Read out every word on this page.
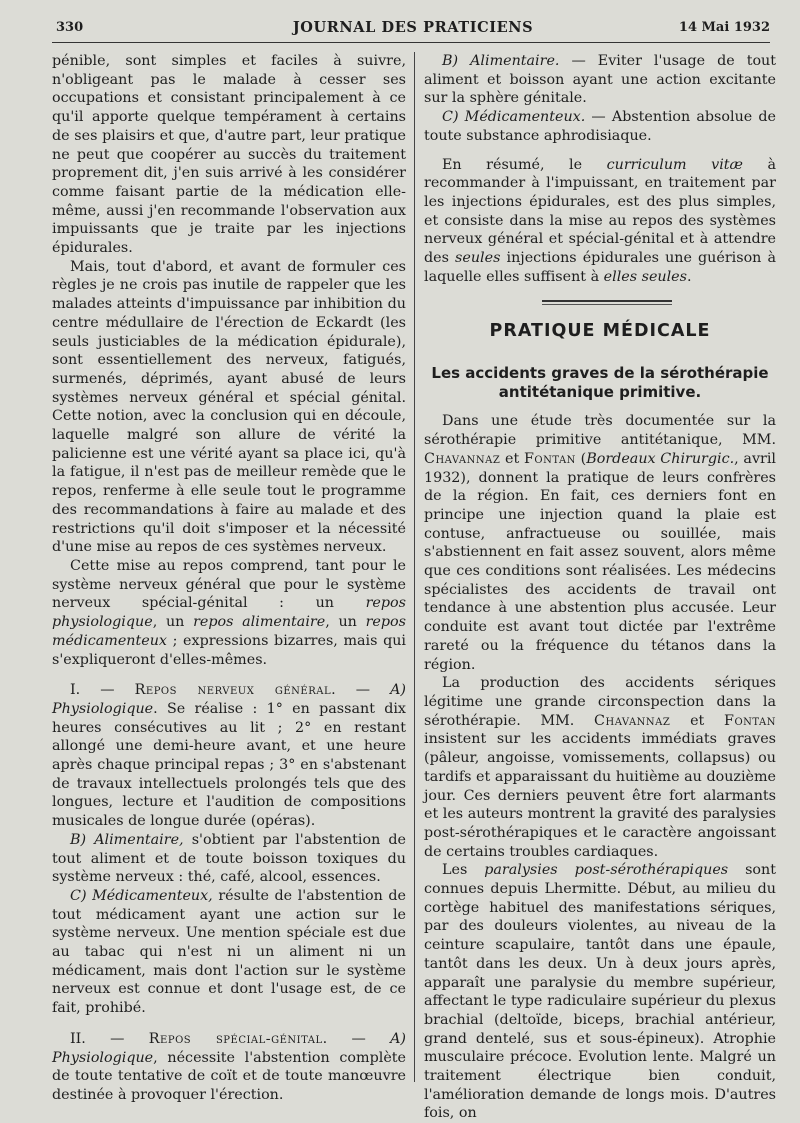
330	JOURNAL DES PRATICIENS	14 Mai 1932

pénible, sont simples et faciles à suivre, n'obligeant pas le malade à cesser ses occupations et consistant principalement à ce qu'il apporte quelque tempérament à certains de ses plaisirs et que, d'autre part, leur pratique ne peut que coopérer au succès du traitement proprement dit, j'en suis arrivé à les considérer comme faisant partie de la médication elle-même, aussi j'en recommande l'observation aux impuissants que je traite par les injections épidurales.

Mais, tout d'abord, et avant de formuler ces règles je ne crois pas inutile de rappeler que les malades atteints d'impuissance par inhibition du centre médullaire de l'érection de Eckardt (les seuls justiciables de la médication épidurale), sont essentiellement des nerveux, fatigués, surmenés, déprimés, ayant abusé de leurs systèmes nerveux général et spécial génital. Cette notion, avec la conclusion qui en découle, laquelle malgré son allure de vérité la palicienne est une vérité ayant sa place ici, qu'à la fatigue, il n'est pas de meilleur remède que le repos, renferme à elle seule tout le programme des recommandations à faire au malade et des restrictions qu'il doit s'imposer et la nécessité d'une mise au repos de ces systèmes nerveux.

Cette mise au repos comprend, tant pour le système nerveux général que pour le système nerveux spécial-génital : un repos physiologique, un repos alimentaire, un repos médicamenteux ; expressions bizarres, mais qui s'expliqueront d'elles-mêmes.

I. — Repos nerveux général. — A) Physiologique. Se réalise : 1° en passant dix heures consécutives au lit ; 2° en restant allongé une demi-heure avant, et une heure après chaque principal repas ; 3° en s'abstenant de travaux intellectuels prolongés tels que des longues, lecture et l'audition de compositions musicales de longue durée (opéras).

B) Alimentaire, s'obtient par l'abstention de tout aliment et de toute boisson toxiques du système nerveux : thé, café, alcool, essences.

C) Médicamenteux, résulte de l'abstention de tout médicament ayant une action sur le système nerveux. Une mention spéciale est due au tabac qui n'est ni un aliment ni un médicament, mais dont l'action sur le système nerveux est connue et dont l'usage est, de ce fait, prohibé.

II. — Repos spécial-génital. — A) Physiologique, nécessite l'abstention complète de toute tentative de coït et de toute manœuvre destinée à provoquer l'érection.

B) Alimentaire. — Eviter l'usage de tout aliment et boisson ayant une action excitante sur la sphère génitale.

C) Médicamenteux. — Abstention absolue de toute substance aphrodisiaque.

En résumé, le curriculum vitæ à recommander à l'impuissant, en traitement par les injections épidurales, est des plus simples, et consiste dans la mise au repos des systèmes nerveux général et spécial-génital et à attendre des seules injections épidurales une guérison à laquelle elles suffisent à elles seules.

PRATIQUE MÉDICALE
Les accidents graves de la sérothérapie antitétanique primitive.

Dans une étude très documentée sur la sérothérapie primitive antitétanique, MM. Chavannaz et Fontan (Bordeaux Chirurgic., avril 1932), donnent la pratique de leurs confrères de la région. En fait, ces derniers font en principe une injection quand la plaie est contuse, anfractueuse ou souillée, mais s'abstiennent en fait assez souvent, alors même que ces conditions sont réalisées. Les médecins spécialistes des accidents de travail ont tendance à une abstention plus accusée. Leur conduite est avant tout dictée par l'extrême rareté ou la fréquence du tétanos dans la région.

La production des accidents sériques légitime une grande circonspection dans la sérothérapie. MM. Chavannaz et Fontan insistent sur les accidents immédiats graves (pâleur, angoisse, vomissements, collapsus) ou tardifs et apparaissant du huitième au douzième jour. Ces derniers peuvent être fort alarmants et les auteurs montrent la gravité des paralysies post-sérothérapiques et le caractère angoissant de certains troubles cardiaques.

Les paralysies post-sérothérapiques sont connues depuis Lhermitte. Début, au milieu du cortège habituel des manifestations sériques, par des douleurs violentes, au niveau de la ceinture scapulaire, tantôt dans une épaule, tantôt dans les deux. Un à deux jours après, apparaît une paralysie du membre supérieur, affectant le type radiculaire supérieur du plexus brachial (deltoïde, biceps, brachial antérieur, grand dentelé, sus et sous-épineux). Atrophie musculaire précoce. Evolution lente. Malgré un traitement électrique bien conduit, l'amélioration demande de longs mois. D'autres fois, on
